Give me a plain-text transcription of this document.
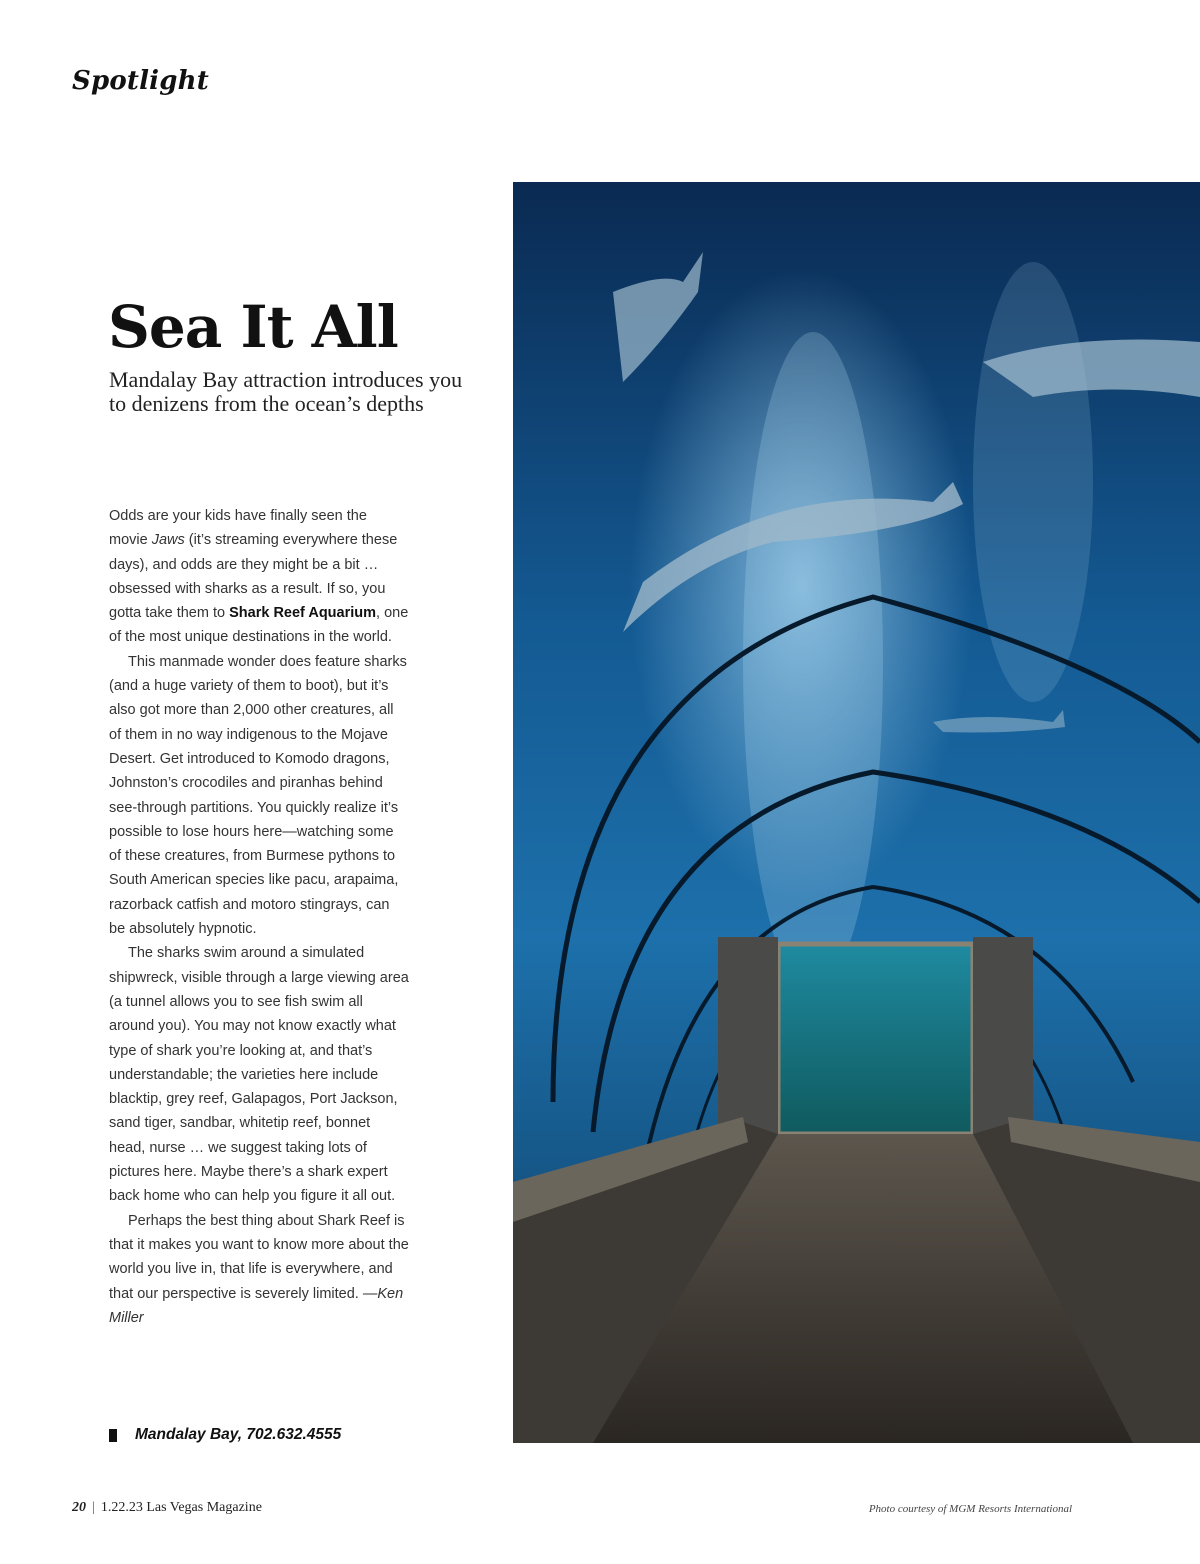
Spotlight
Sea It All

Mandalay Bay attraction introduces you to denizens from the ocean’s depths

Odds are your kids have finally seen the movie Jaws (it’s streaming everywhere these days), and odds are they might be a bit … obsessed with sharks as a result. If so, you gotta take them to Shark Reef Aquarium, one of the most unique destinations in the world.

This manmade wonder does feature sharks (and a huge variety of them to boot), but it’s also got more than 2,000 other creatures, all of them in no way indigenous to the Mojave Desert. Get introduced to Komodo dragons, Johnston’s crocodiles and piranhas behind see-through partitions. You quickly realize it’s possible to lose hours here—watching some of these creatures, from Burmese pythons to South American species like pacu, arapaima, razorback catfish and motoro stingrays, can be absolutely hypnotic.

The sharks swim around a simulated shipwreck, visible through a large viewing area (a tunnel allows you to see fish swim all around you). You may not know exactly what type of shark you’re looking at, and that’s understandable; the varieties here include blacktip, grey reef, Galapagos, Port Jackson, sand tiger, sandbar, whitetip reef, bonnet head, nurse … we suggest taking lots of pictures here. Maybe there’s a shark expert back home who can help you figure it all out.

Perhaps the best thing about Shark Reef is that it makes you want to know more about the world you live in, that life is everywhere, and that our perspective is severely limited. —Ken Miller

Mandalay Bay, 702.632.4555
20 | 1.22.23 Las Vegas Magazine	Photo courtesy of MGM Resorts International
